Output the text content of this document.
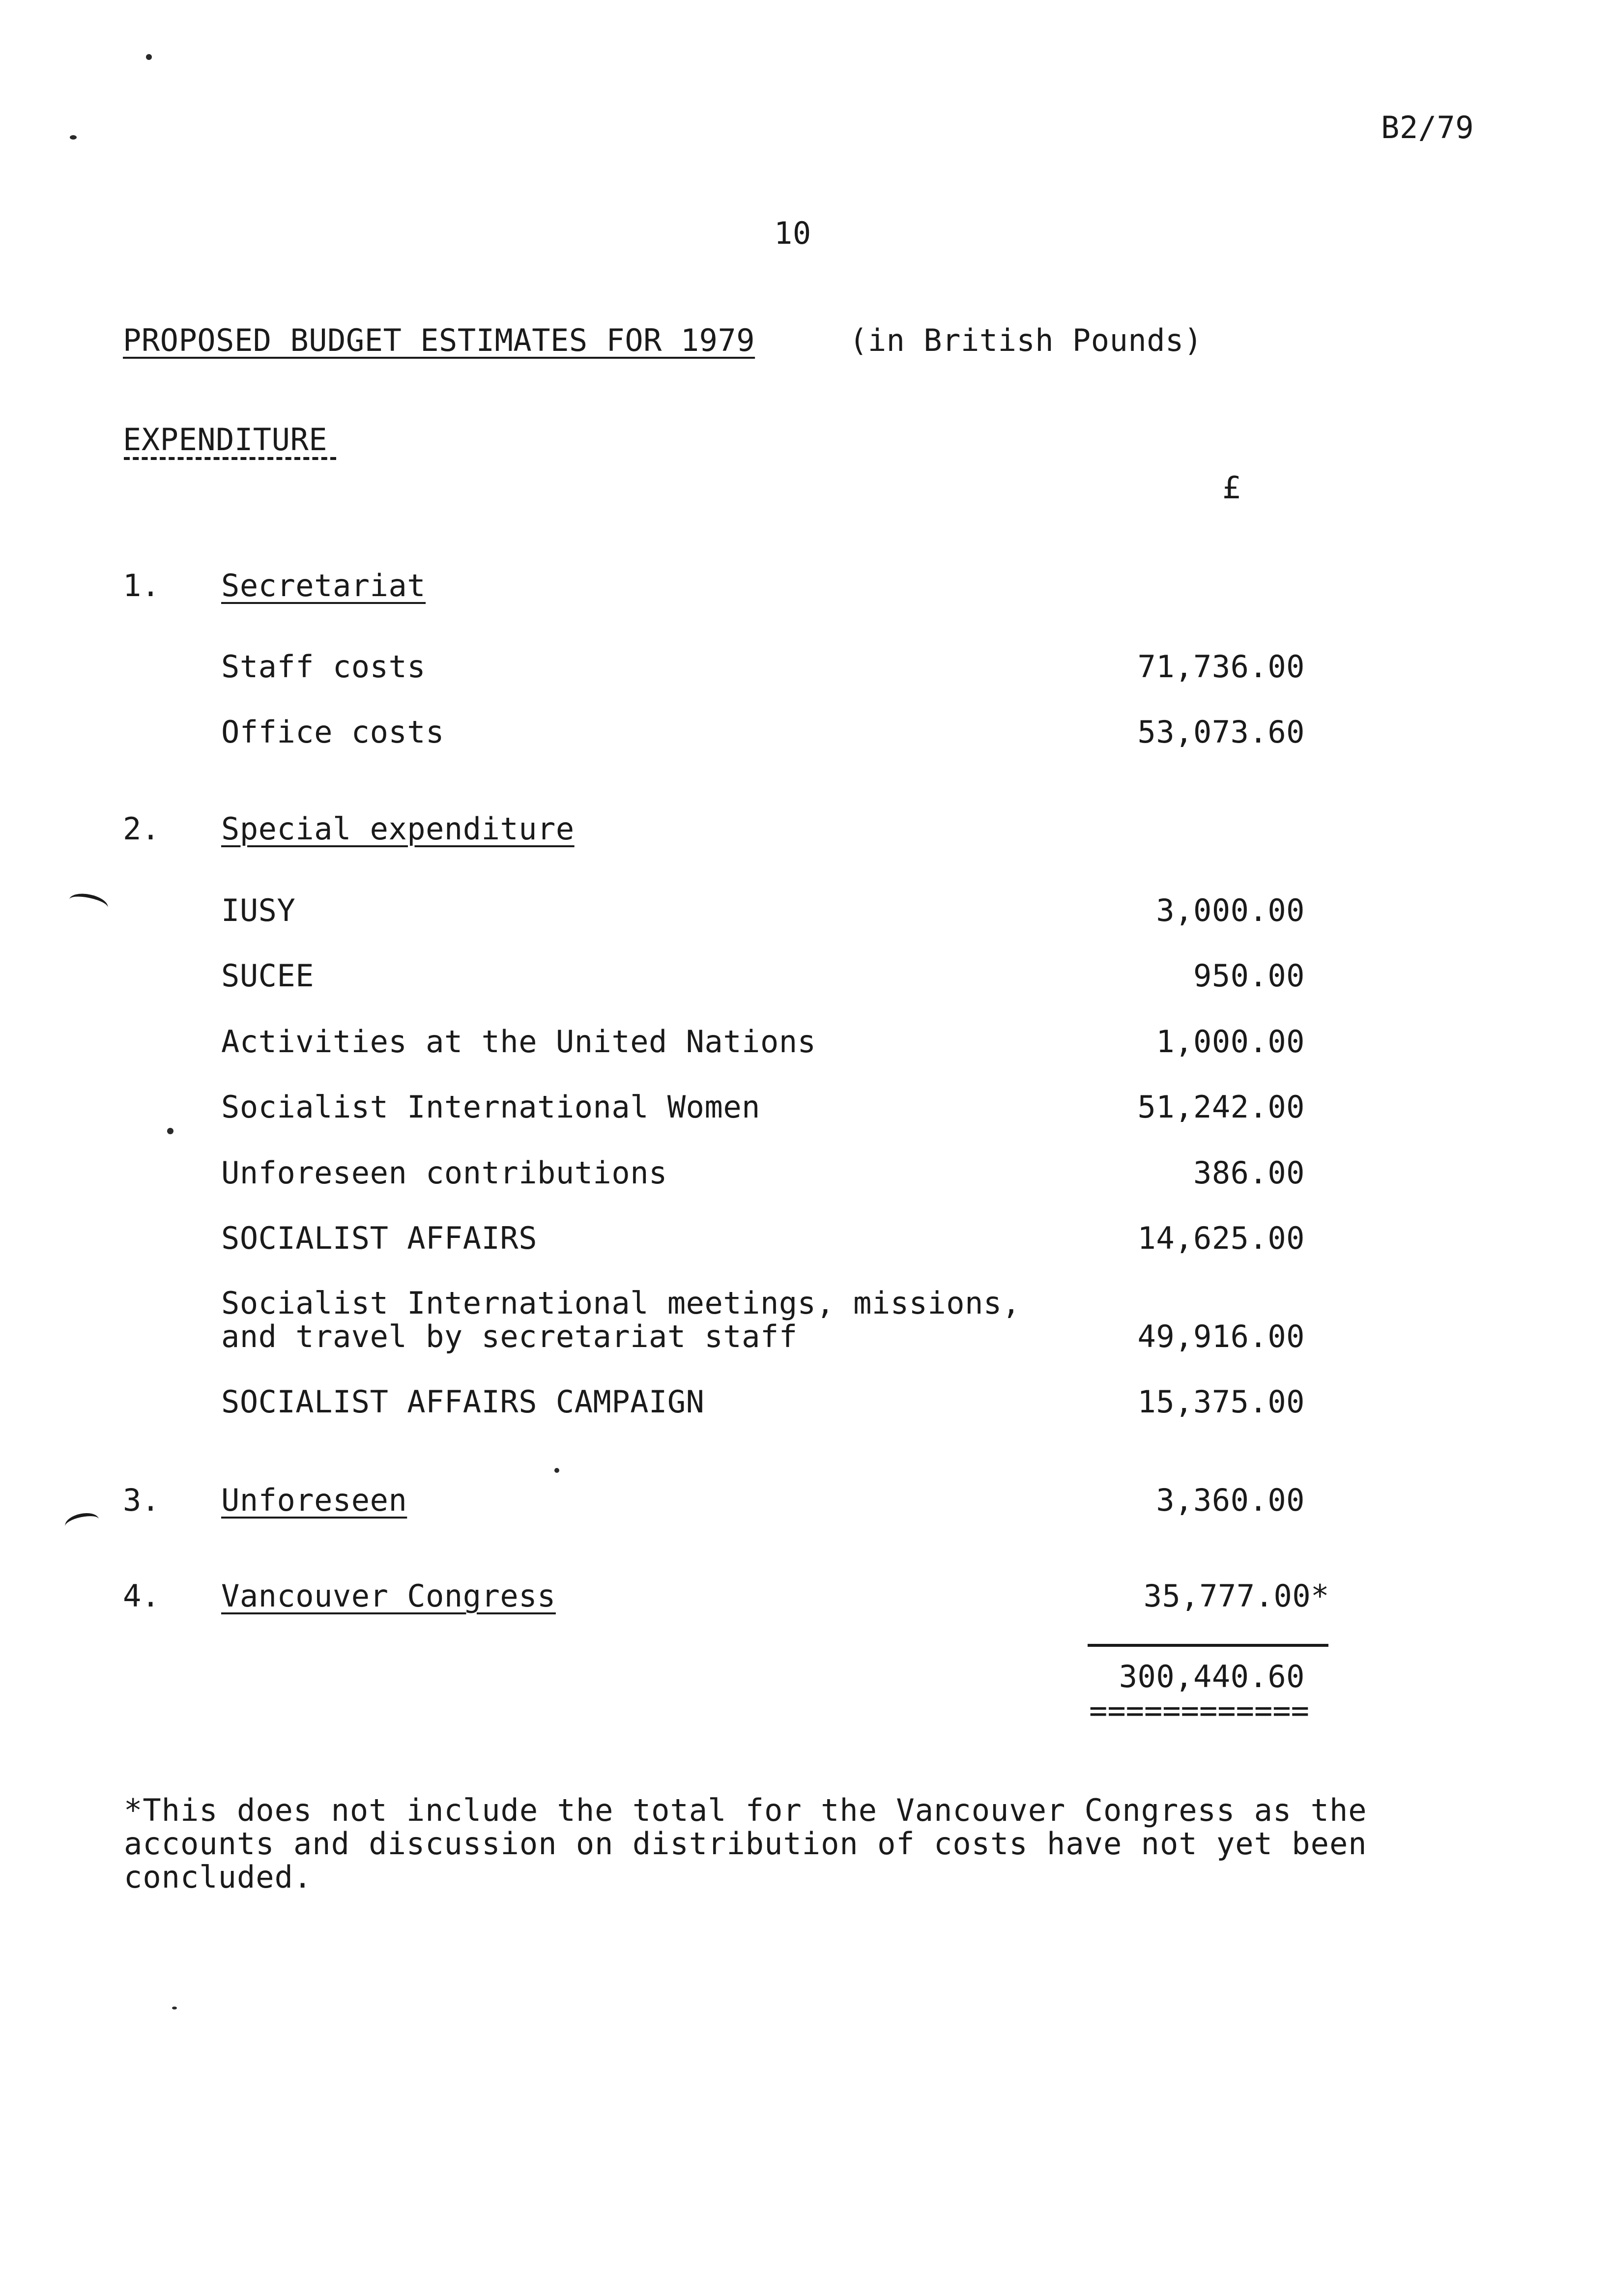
B2/79
10
PROPOSED BUDGET ESTIMATES FOR 1979	(in British Pounds)
EXPENDITURE
£
1. Secretariat
Staff costs	71,736.00
Office costs	53,073.60
2. Special expenditure
IUSY	3,000.00
SUCEE	950.00
Activities at the United Nations	1,000.00
Socialist International Women	51,242.00
Unforeseen contributions	386.00
SOCIALIST AFFAIRS	14,625.00
Socialist International meetings, missions,
and travel by secretariat staff	49,916.00
SOCIALIST AFFAIRS CAMPAIGN	15,375.00
3. Unforeseen	3,360.00
4. Vancouver Congress	35,777.00*
300,440.60
============
*This does not include the total for the Vancouver Congress as the
accounts and discussion on distribution of costs have not yet been
concluded.
